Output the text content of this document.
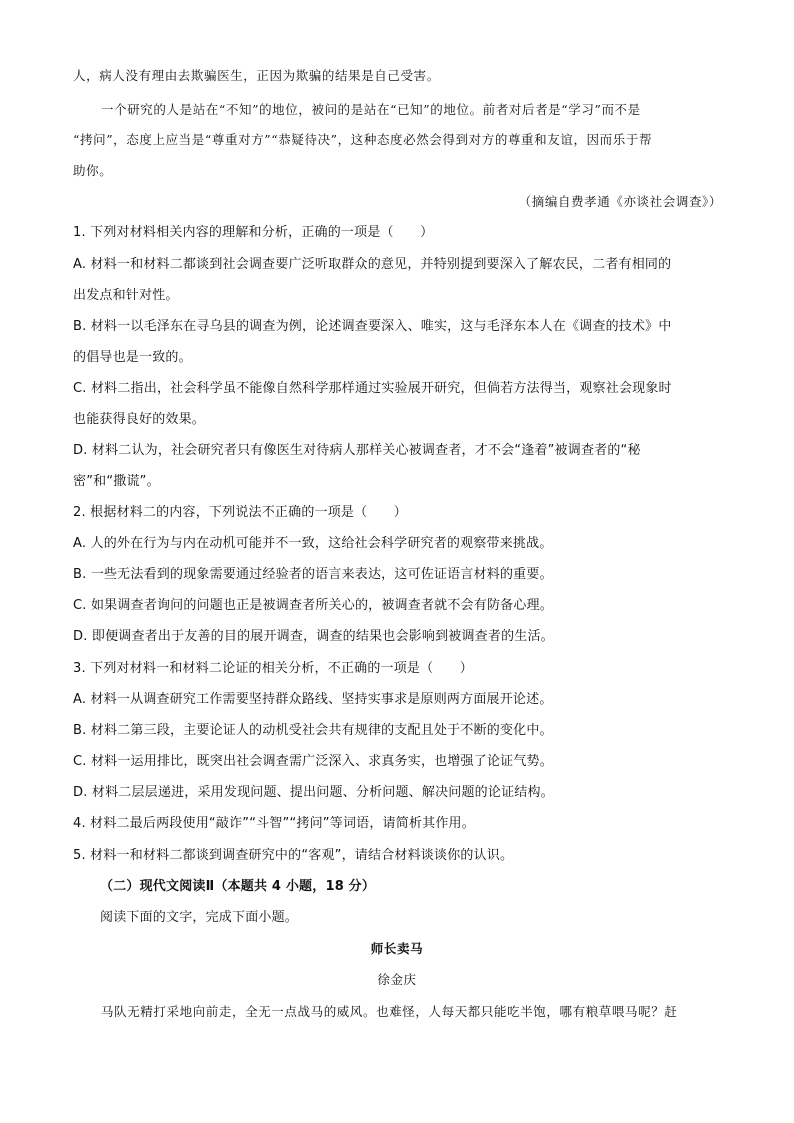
人，病人没有理由去欺骗医生，正因为欺骗的结果是自己受害。
一个研究的人是站在“不知”的地位，被问的是站在“已知”的地位。前者对后者是“学习”而不是
“拷问”，态度上应当是“尊重对方”“恭疑待决”，这种态度必然会得到对方的尊重和友谊，因而乐于帮
助你。
（摘编自费孝通《亦谈社会调查》）
1. 下列对材料相关内容的理解和分析，正确的一项是（　　）
A. 材料一和材料二都谈到社会调查要广泛听取群众的意见，并特别提到要深入了解农民，二者有相同的
出发点和针对性。
B. 材料一以毛泽东在寻乌县的调查为例，论述调查要深入、唯实，这与毛泽东本人在《调查的技术》中
的倡导也是一致的。
C. 材料二指出，社会科学虽不能像自然科学那样通过实验展开研究，但倘若方法得当，观察社会现象时
也能获得良好的效果。
D. 材料二认为，社会研究者只有像医生对待病人那样关心被调查者，才不会“逢着”被调查者的“秘
密”和“撒谎”。
2. 根据材料二的内容，下列说法不正确的一项是（　　）
A. 人的外在行为与内在动机可能并不一致，这给社会科学研究者的观察带来挑战。
B. 一些无法看到的现象需要通过经验者的语言来表达，这可佐证语言材料的重要。
C. 如果调查者询问的问题也正是被调查者所关心的，被调查者就不会有防备心理。
D. 即便调查者出于友善的目的展开调查，调查的结果也会影响到被调查者的生活。
3. 下列对材料一和材料二论证的相关分析，不正确的一项是（　　）
A. 材料一从调查研究工作需要坚持群众路线、坚持实事求是原则两方面展开论述。
B. 材料二第三段，主要论证人的动机受社会共有规律的支配且处于不断的变化中。
C. 材料一运用排比，既突出社会调查需广泛深入、求真务实，也增强了论证气势。
D. 材料二层层递进，采用发现问题、提出问题、分析问题、解决问题的论证结构。
4. 材料二最后两段使用“敲诈”“斗智”“拷问”等词语，请简析其作用。
5. 材料一和材料二都谈到调查研究中的“客观”，请结合材料谈谈你的认识。
（二）现代文阅读Ⅱ（本题共 4 小题，18 分）
阅读下面的文字，完成下面小题。
师长卖马
徐金庆
马队无精打采地向前走，全无一点战马的威风。也难怪，人每天都只能吃半饱，哪有粮草喂马呢？赶
